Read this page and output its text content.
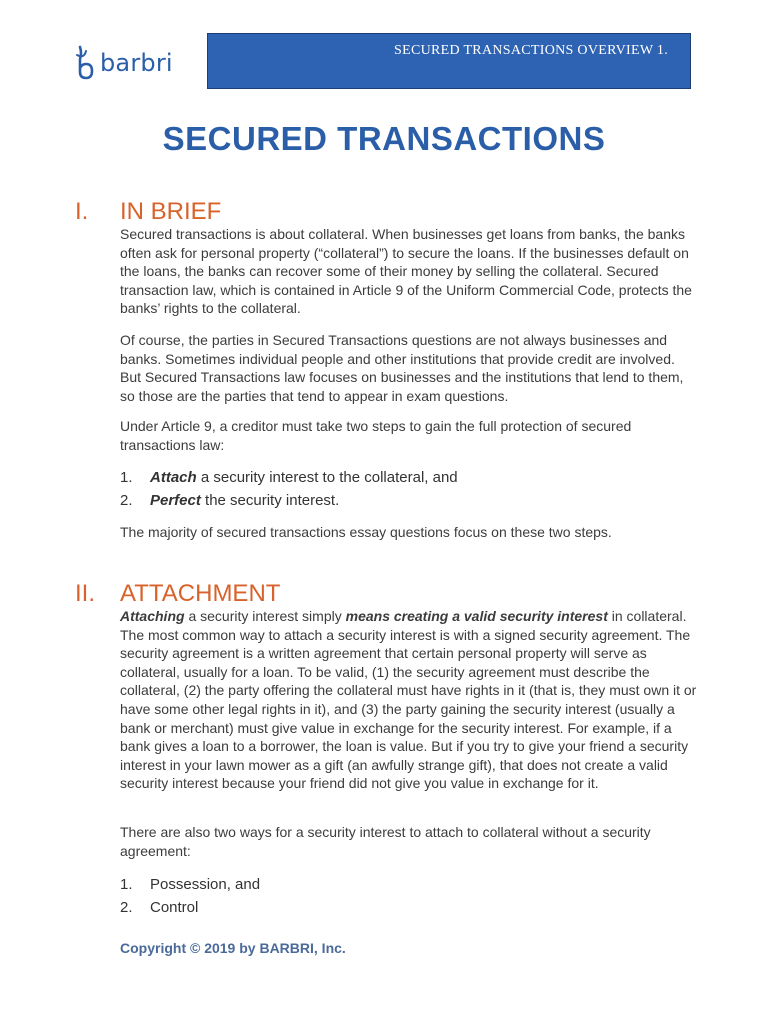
barbri	SECURED TRANSACTIONS OVERVIEW 1.
SECURED TRANSACTIONS
I.	IN BRIEF
Secured transactions is about collateral. When businesses get loans from banks, the banks often ask for personal property (“collateral”) to secure the loans. If the businesses default on the loans, the banks can recover some of their money by selling the collateral. Secured transaction law, which is contained in Article 9 of the Uniform Commercial Code, protects the banks’ rights to the collateral.
Of course, the parties in Secured Transactions questions are not always businesses and banks. Sometimes individual people and other institutions that provide credit are involved. But Secured Transactions law focuses on businesses and the institutions that lend to them, so those are the parties that tend to appear in exam questions.
Under Article 9, a creditor must take two steps to gain the full protection of secured transactions law:
1.	Attach a security interest to the collateral, and
2.	Perfect the security interest.
The majority of secured transactions essay questions focus on these two steps.
II.	ATTACHMENT
Attaching a security interest simply means creating a valid security interest in collateral. The most common way to attach a security interest is with a signed security agreement. The security agreement is a written agreement that certain personal property will serve as collateral, usually for a loan. To be valid, (1) the security agreement must describe the collateral, (2) the party offering the collateral must have rights in it (that is, they must own it or have some other legal rights in it), and (3) the party gaining the security interest (usually a bank or merchant) must give value in exchange for the security interest. For example, if a bank gives a loan to a borrower, the loan is value. But if you try to give your friend a security interest in your lawn mower as a gift (an awfully strange gift), that does not create a valid security interest because your friend did not give you value in exchange for it.
There are also two ways for a security interest to attach to collateral without a security agreement:
1.	Possession, and
2.	Control
Copyright © 2019 by BARBRI, Inc.
